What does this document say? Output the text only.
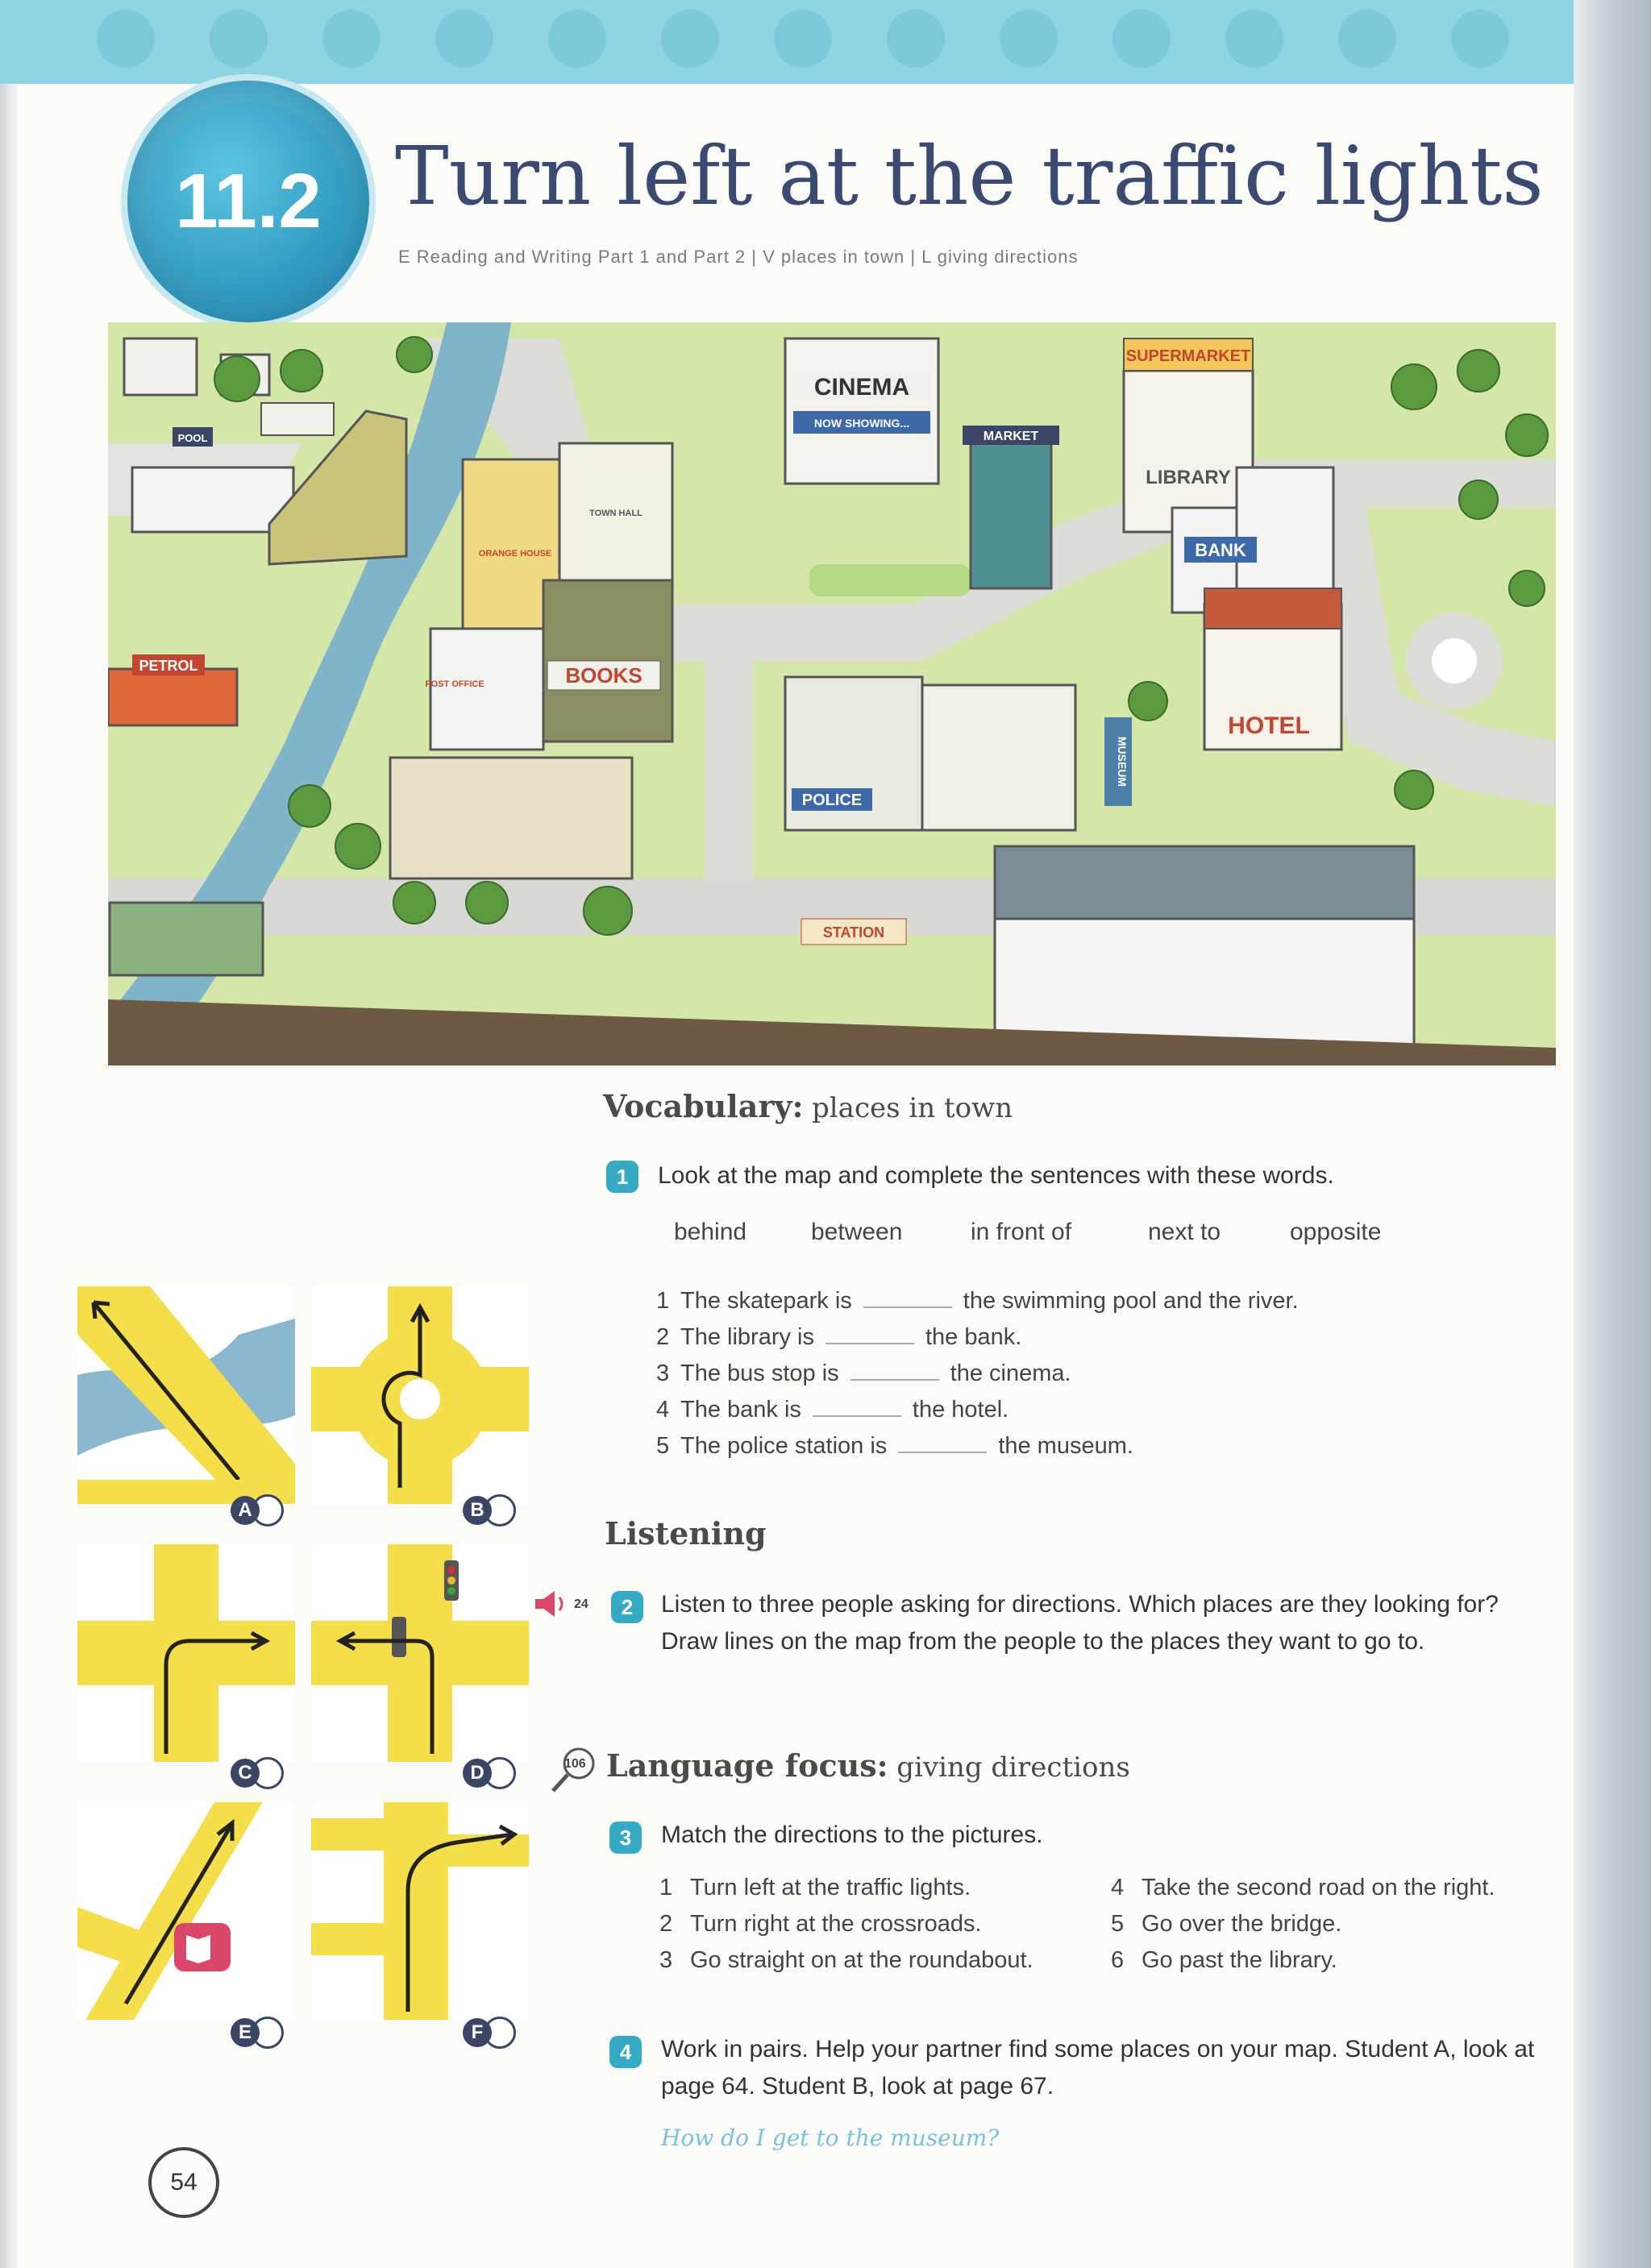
11.2 Turn left at the traffic lights
E Reading and Writing Part 1 and Part 2 | V places in town | L giving directions
CINEMA
NOW SHOWING...
SUPERMARKET
MARKET
LIBRARY
BANK
HOTEL
PETROL	BOOKS
POLICE
MUSEUM
STATION
POOL
ORANGE HOUSE
TOWN HALL
POST OFFICE
Vocabulary: places in town
1	Look at the map and complete the sentences with these words.
behind	between	in front of	next to	opposite
1 The skatepark is	the swimming pool and the river.
2 The library is	the bank.
3 The bus stop is	the cinema.
4 The bank is	the hotel.
5 The police station is	the museum.
Listening
24	2	Listen to three people asking for directions. Which places are they looking for? Draw lines on the map from the people to the places they want to go to.
106 Language focus: giving directions
3	Match the directions to the pictures.
1 Turn left at the traffic lights.
2 Turn right at the crossroads.
3 Go straight on at the roundabout.
4 Take the second road on the right.
5 Go over the bridge.
6 Go past the library.
4	Work in pairs. Help your partner find some places on your map. Student A, look at page 64. Student B, look at page 67.
How do I get to the museum?
A	B
C	D
E	F
54
